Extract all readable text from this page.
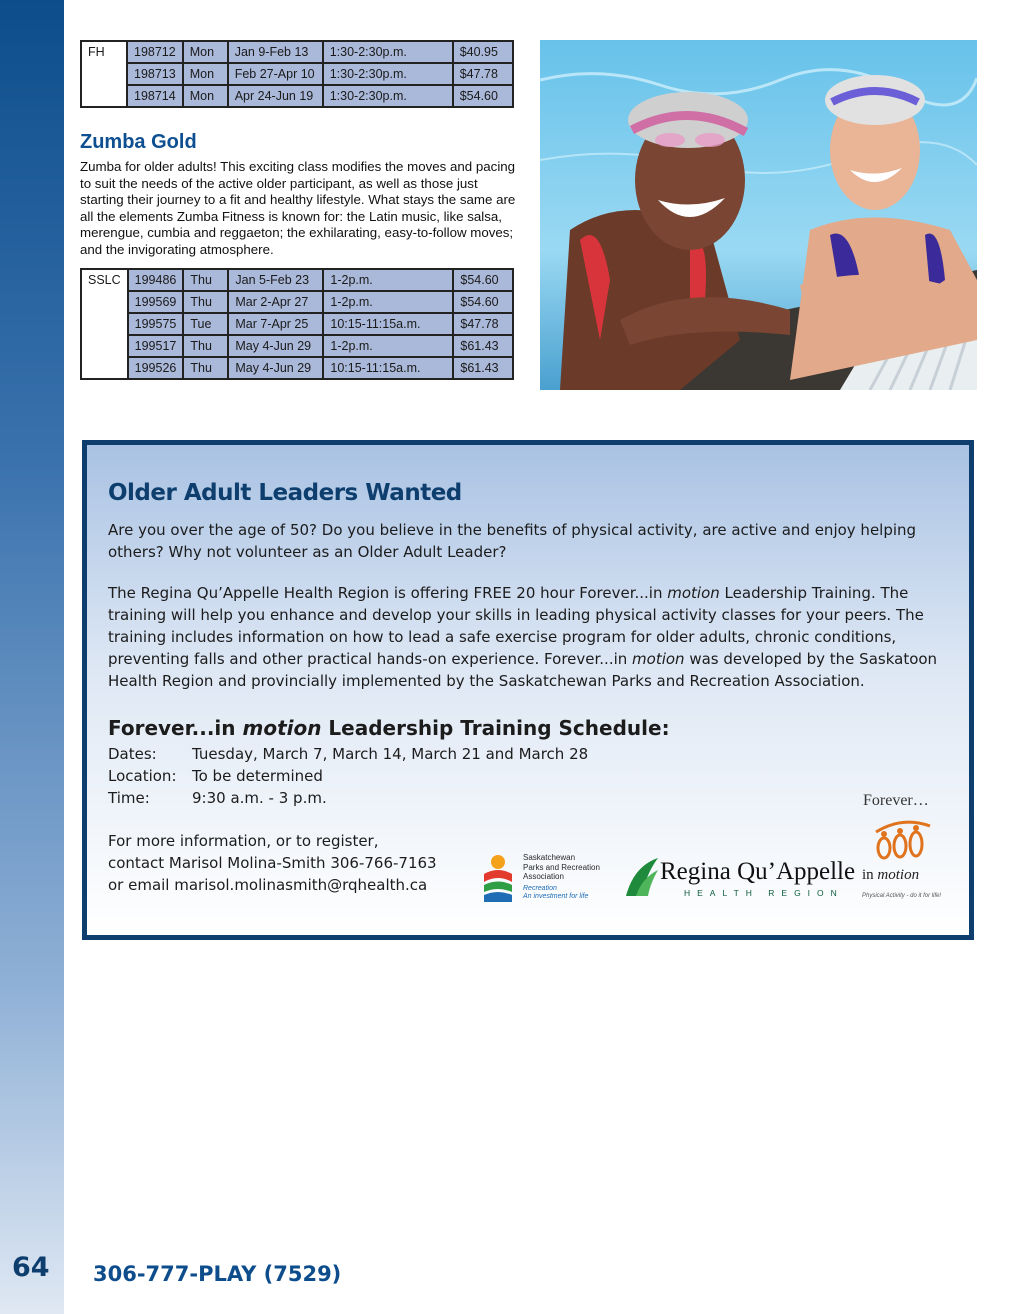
64	306-777-PLAY (7529)
FH	198712	Mon	Jan 9-Feb 13	1:30-2:30p.m.	$40.95
	198713	Mon	Feb 27-Apr 10	1:30-2:30p.m.	$47.78
	198714	Mon	Apr 24-Jun 19	1:30-2:30p.m.	$54.60
Zumba Gold
Zumba for older adults! This exciting class modifies the moves and pacing to suit the needs of the active older participant, as well as those just starting their journey to a fit and healthy lifestyle. What stays the same are all the elements Zumba Fitness is known for: the Latin music, like salsa, merengue, cumbia and reggaeton; the exhilarating, easy-to-follow moves; and the invigorating atmosphere.
SSLC	199486	Thu	Jan 5-Feb 23	1-2p.m.	$54.60
	199569	Thu	Mar 2-Apr 27	1-2p.m.	$54.60
	199575	Tue	Mar 7-Apr 25	10:15-11:15a.m.	$47.78
	199517	Thu	May 4-Jun 29	1-2p.m.	$61.43
	199526	Thu	May 4-Jun 29	10:15-11:15a.m.	$61.43
Older Adult Leaders Wanted
Are you over the age of 50? Do you believe in the benefits of physical activity, are active and enjoy helping others? Why not volunteer as an Older Adult Leader?
The Regina Qu’Appelle Health Region is offering FREE 20 hour Forever...in motion Leadership Training. The training will help you enhance and develop your skills in leading physical activity classes for your peers. The training includes information on how to lead a safe exercise program for older adults, chronic conditions, preventing falls and other practical hands-on experience. Forever...in motion was developed by the Saskatoon Health Region and provincially implemented by the Saskatchewan Parks and Recreation Association.
Forever...in motion Leadership Training Schedule:
Dates: Tuesday, March 7, March 14, March 21 and March 28
Location: To be determined
Time:	9:30 a.m. - 3 p.m.
For more information, or to register,
contact Marisol Molina-Smith 306-766-7163
or email marisol.molinasmith@rqhealth.ca
Saskatchewan
Parks and Recreation
Association
Recreation
An investment for life
Regina Qu’Appelle
HEALTH REGION
Forever…
in motion
Physical Activity - do it for life!
